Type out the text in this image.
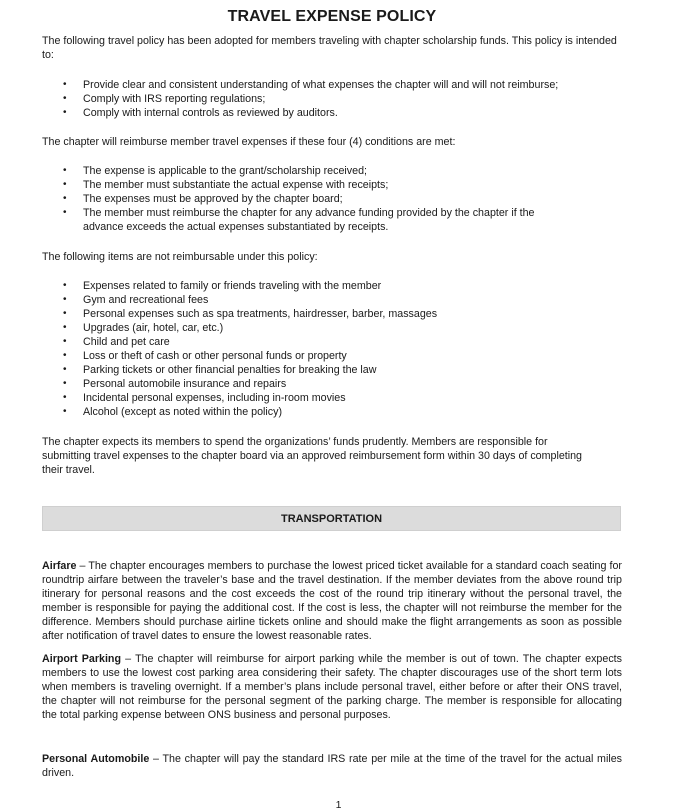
TRAVEL EXPENSE POLICY

The following travel policy has been adopted for members traveling with chapter scholarship funds. This policy is intended to:

• Provide clear and consistent understanding of what expenses the chapter will and will not reimburse;
• Comply with IRS reporting regulations;
• Comply with internal controls as reviewed by auditors.

The chapter will reimburse member travel expenses if these four (4) conditions are met:

• The expense is applicable to the grant/scholarship received;
• The member must substantiate the actual expense with receipts;
• The expenses must be approved by the chapter board;
• The member must reimburse the chapter for any advance funding provided by the chapter if the advance exceeds the actual expenses substantiated by receipts.

The following items are not reimbursable under this policy:

• Expenses related to family or friends traveling with the member
• Gym and recreational fees
• Personal expenses such as spa treatments, hairdresser, barber, massages
• Upgrades (air, hotel, car, etc.)
• Child and pet care
• Loss or theft of cash or other personal funds or property
• Parking tickets or other financial penalties for breaking the law
• Personal automobile insurance and repairs
• Incidental personal expenses, including in-room movies
• Alcohol (except as noted within the policy)

The chapter expects its members to spend the organizations’ funds prudently. Members are responsible for submitting travel expenses to the chapter board via an approved reimbursement form within 30 days of completing their travel.

TRANSPORTATION

Airfare – The chapter encourages members to purchase the lowest priced ticket available for a standard coach seating for roundtrip airfare between the traveler’s base and the travel destination. If the member deviates from the above round trip itinerary for personal reasons and the cost exceeds the cost of the round trip itinerary without the personal travel, the member is responsible for paying the additional cost. If the cost is less, the chapter will not reimburse the member for the difference. Members should purchase airline tickets online and should make the flight arrangements as soon as possible after notification of travel dates to ensure the lowest reasonable rates.

Airport Parking – The chapter will reimburse for airport parking while the member is out of town. The chapter expects members to use the lowest cost parking area considering their safety. The chapter discourages use of the short term lots when members is traveling overnight. If a member’s plans include personal travel, either before or after their ONS travel, the chapter will not reimburse for the personal segment of the parking charge. The member is responsible for allocating the total parking expense between ONS business and personal purposes.

Personal Automobile – The chapter will pay the standard IRS rate per mile at the time of the travel for the actual miles driven.

1
